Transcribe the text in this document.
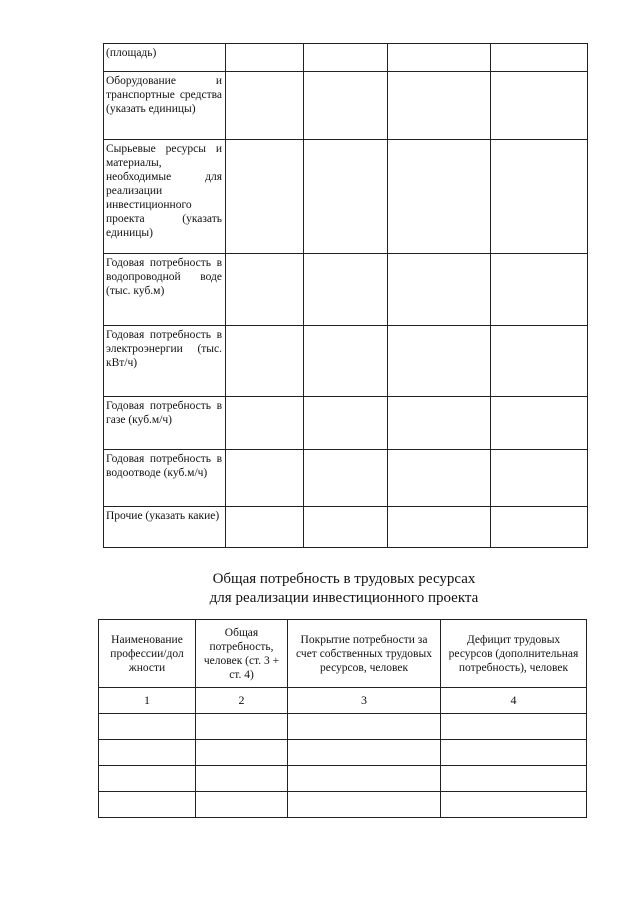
(площадь)				
Оборудование и транспортные средства (указать единицы)				
Сырьевые ресурсы и материалы, необходимые для реализации инвестиционного проекта (указать единицы)				
Годовая потребность в водопроводной воде (тыс. куб.м)				
Годовая потребность в электроэнергии (тыс. кВт/ч)				
Годовая потребность в газе (куб.м/ч)				
Годовая потребность в водоотводе (куб.м/ч)				
Прочие (указать какие)				
Общая потребность в трудовых ресурсах
для реализации инвестиционного проекта
Наименование профессии/дол жности	Общая потребность, человек (ст. 3 + ст. 4)	Покрытие потребности за счет собственных трудовых ресурсов, человек	Дефицит трудовых ресурсов (дополнительная потребность), человек
1	2	3	4
